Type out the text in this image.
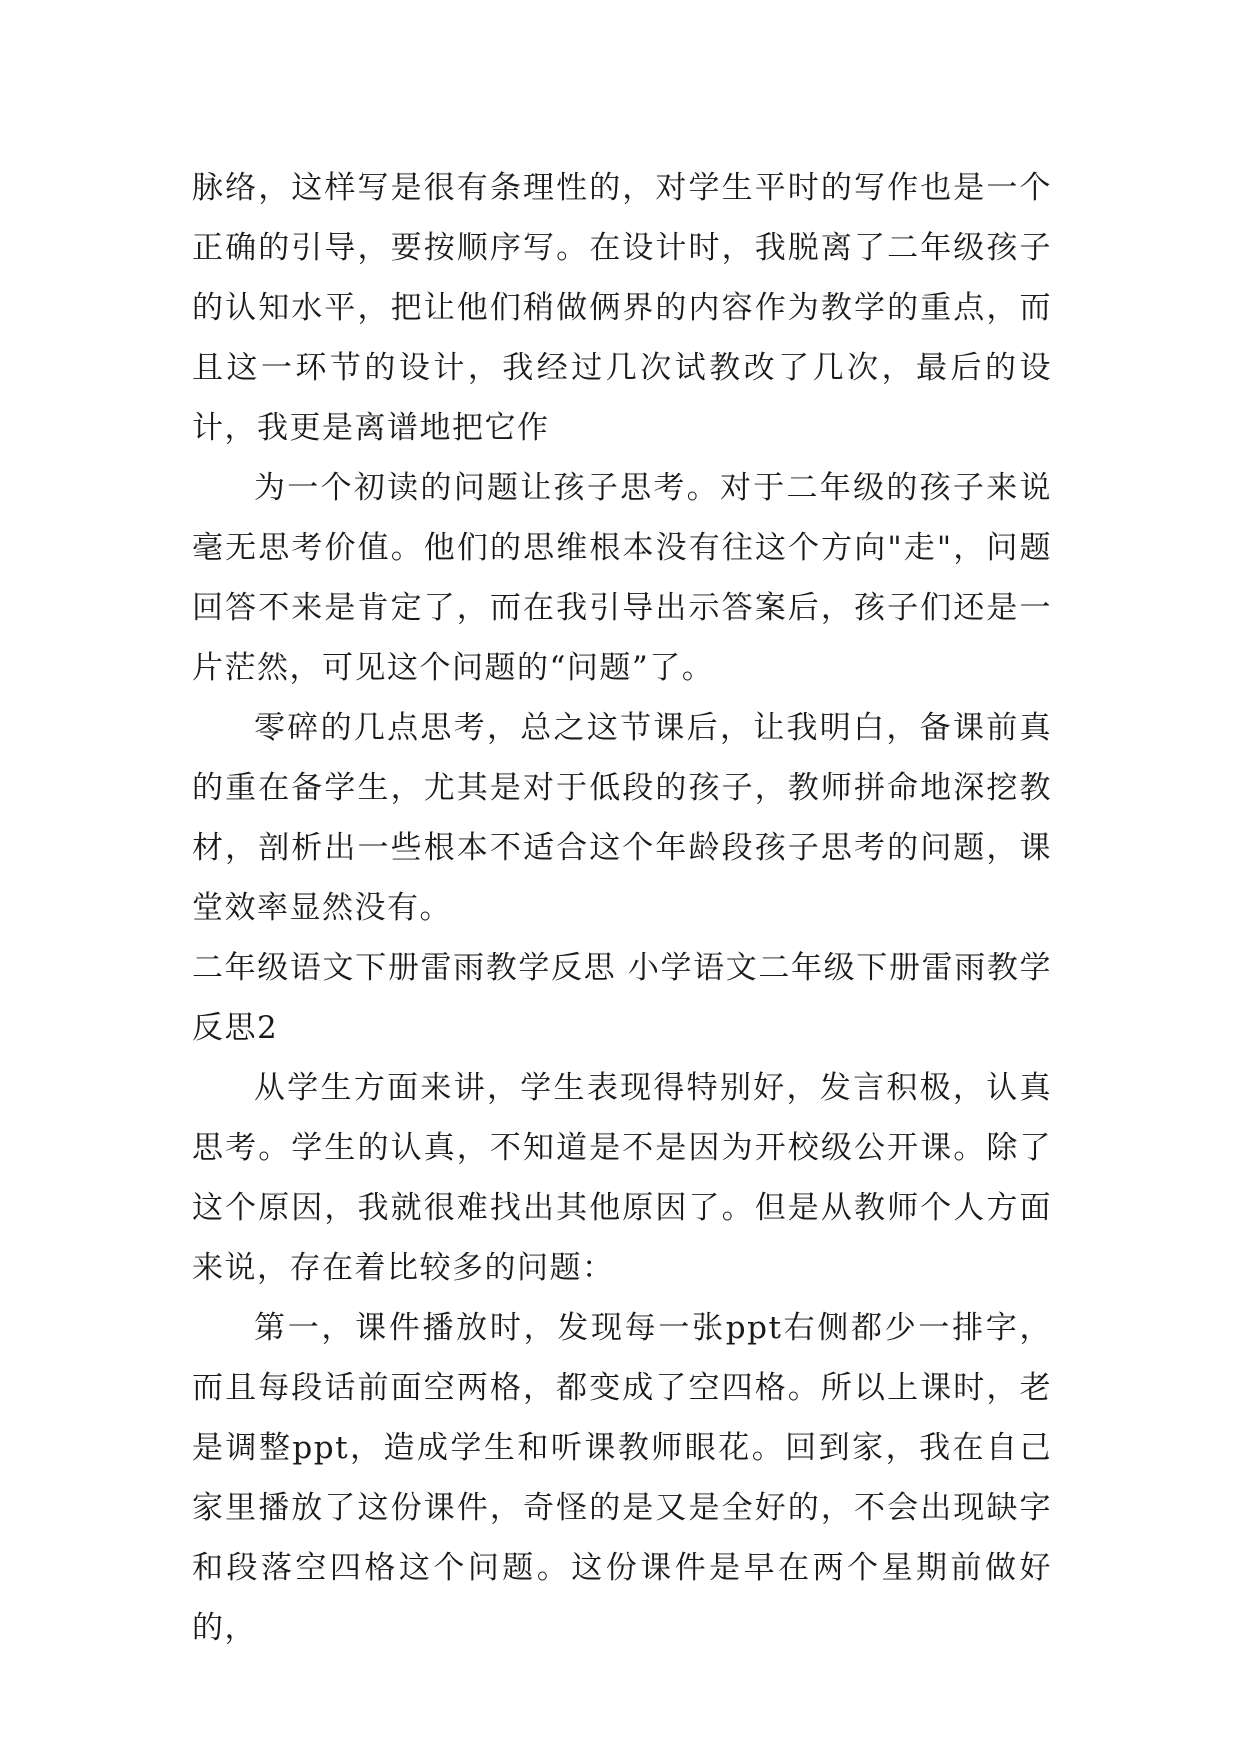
脉络，这样写是很有条理性的，对学生平时的写作也是一个正确的引导，要按顺序写。在设计时，我脱离了二年级孩子的认知水平，把让他们稍做俩界的内容作为教学的重点，而且这一环节的设计，我经过几次试教改了几次，最后的设计，我更是离谱地把它作

为一个初读的问题让孩子思考。对于二年级的孩子来说毫无思考价值。他们的思维根本没有往这个方向"走"，问题回答不来是肯定了，而在我引导出示答案后，孩子们还是一片茫然，可见这个问题的“问题”了。

零碎的几点思考，总之这节课后，让我明白，备课前真的重在备学生，尤其是对于低段的孩子，教师拼命地深挖教材，剖析出一些根本不适合这个年龄段孩子思考的问题，课堂效率显然没有。

二年级语文下册雷雨教学反思 小学语文二年级下册雷雨教学反思2

从学生方面来讲，学生表现得特别好，发言积极，认真思考。学生的认真，不知道是不是因为开校级公开课。除了这个原因，我就很难找出其他原因了。但是从教师个人方面来说，存在着比较多的问题：

第一，课件播放时，发现每一张ppt右侧都少一排字，而且每段话前面空两格，都变成了空四格。所以上课时，老是调整ppt，造成学生和听课教师眼花。回到家，我在自己家里播放了这份课件，奇怪的是又是全好的，不会出现缺字和段落空四格这个问题。这份课件是早在两个星期前做好的，
